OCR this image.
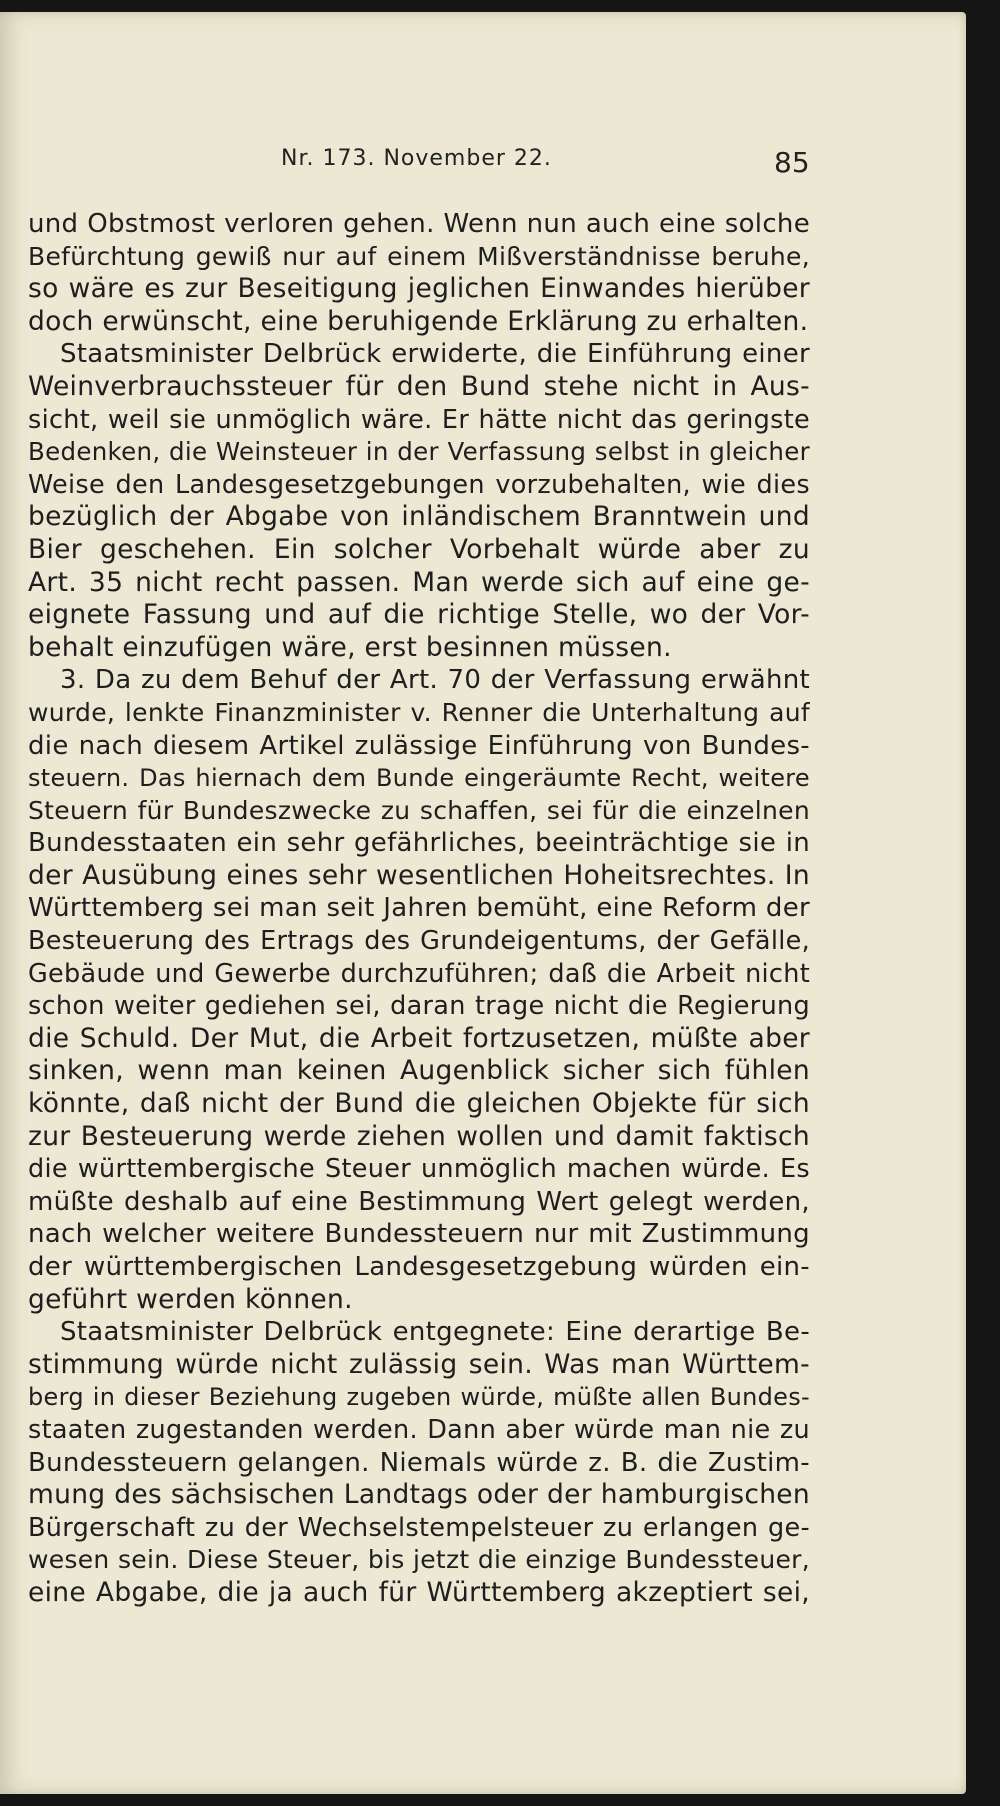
Nr. 173. November 22.	85
und Obstmost verloren gehen. Wenn nun auch eine solche
Befürchtung gewiß nur auf einem Mißverständnisse beruhe,
so wäre es zur Beseitigung jeglichen Einwandes hierüber
doch erwünscht, eine beruhigende Erklärung zu erhalten.
Staatsminister Delbrück erwiderte, die Einführung einer
Weinverbrauchssteuer für den Bund stehe nicht in Aus-
sicht, weil sie unmöglich wäre. Er hätte nicht das geringste
Bedenken, die Weinsteuer in der Verfassung selbst in gleicher
Weise den Landesgesetzgebungen vorzubehalten, wie dies
bezüglich der Abgabe von inländischem Branntwein und
Bier geschehen. Ein solcher Vorbehalt würde aber zu
Art. 35 nicht recht passen. Man werde sich auf eine ge-
eignete Fassung und auf die richtige Stelle, wo der Vor-
behalt einzufügen wäre, erst besinnen müssen.
3. Da zu dem Behuf der Art. 70 der Verfassung erwähnt
wurde, lenkte Finanzminister v. Renner die Unterhaltung auf
die nach diesem Artikel zulässige Einführung von Bundes-
steuern. Das hiernach dem Bunde eingeräumte Recht, weitere
Steuern für Bundeszwecke zu schaffen, sei für die einzelnen
Bundesstaaten ein sehr gefährliches, beeinträchtige sie in
der Ausübung eines sehr wesentlichen Hoheitsrechtes. In
Württemberg sei man seit Jahren bemüht, eine Reform der
Besteuerung des Ertrags des Grundeigentums, der Gefälle,
Gebäude und Gewerbe durchzuführen; daß die Arbeit nicht
schon weiter gediehen sei, daran trage nicht die Regierung
die Schuld. Der Mut, die Arbeit fortzusetzen, müßte aber
sinken, wenn man keinen Augenblick sicher sich fühlen
könnte, daß nicht der Bund die gleichen Objekte für sich
zur Besteuerung werde ziehen wollen und damit faktisch
die württembergische Steuer unmöglich machen würde. Es
müßte deshalb auf eine Bestimmung Wert gelegt werden,
nach welcher weitere Bundessteuern nur mit Zustimmung
der württembergischen Landesgesetzgebung würden ein-
geführt werden können.
Staatsminister Delbrück entgegnete: Eine derartige Be-
stimmung würde nicht zulässig sein. Was man Württem-
berg in dieser Beziehung zugeben würde, müßte allen Bundes-
staaten zugestanden werden. Dann aber würde man nie zu
Bundessteuern gelangen. Niemals würde z. B. die Zustim-
mung des sächsischen Landtags oder der hamburgischen
Bürgerschaft zu der Wechselstempelsteuer zu erlangen ge-
wesen sein. Diese Steuer, bis jetzt die einzige Bundessteuer,
eine Abgabe, die ja auch für Württemberg akzeptiert sei,
